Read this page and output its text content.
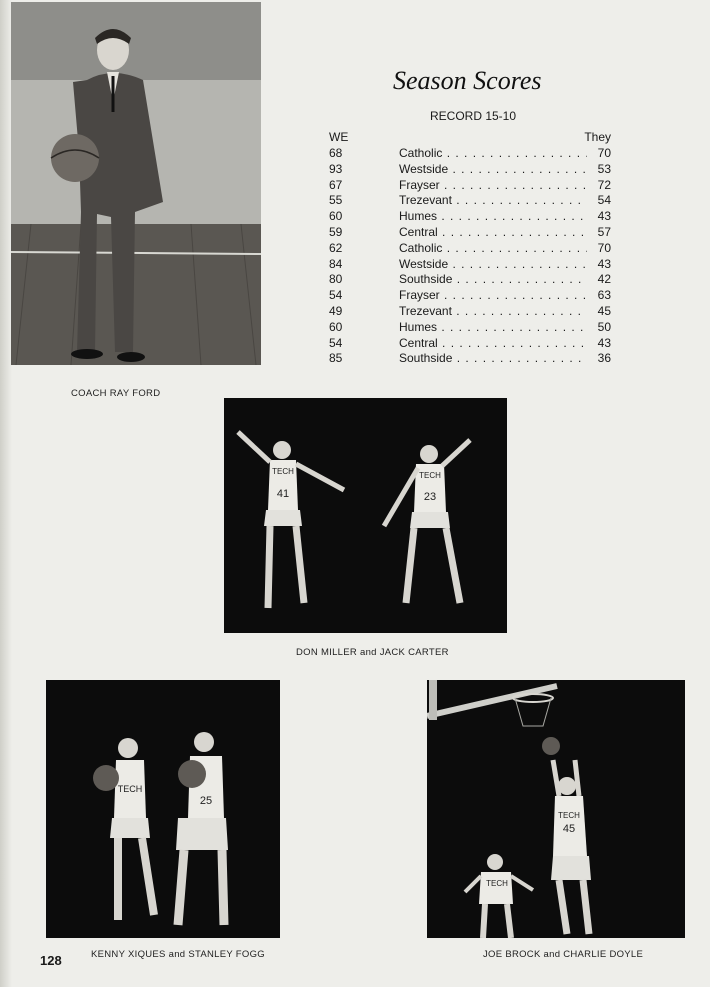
COACH RAY FORD
Season Scores
RECORD 15-10
WE	They
68	Catholic . . .	70
93	Westside . . .	53
67	Frayser . . .	72
55	Trezevant . . .	54
60	Humes . . .	43
59	Central . . .	57
62	Catholic . . .	70
84	Westside . . .	43
80	Southside . . .	42
54	Frayser . . .	63
49	Trezevant . . .	45
60	Humes . . .	50
54	Central . . .	43
85	Southside . . .	36
TECH
41
TECH
23
DON MILLER and JACK CARTER
TECH
25
KENNY XIQUES and STANLEY FOGG
TECH
45
TECH
JOE BROCK and CHARLIE DOYLE
128
